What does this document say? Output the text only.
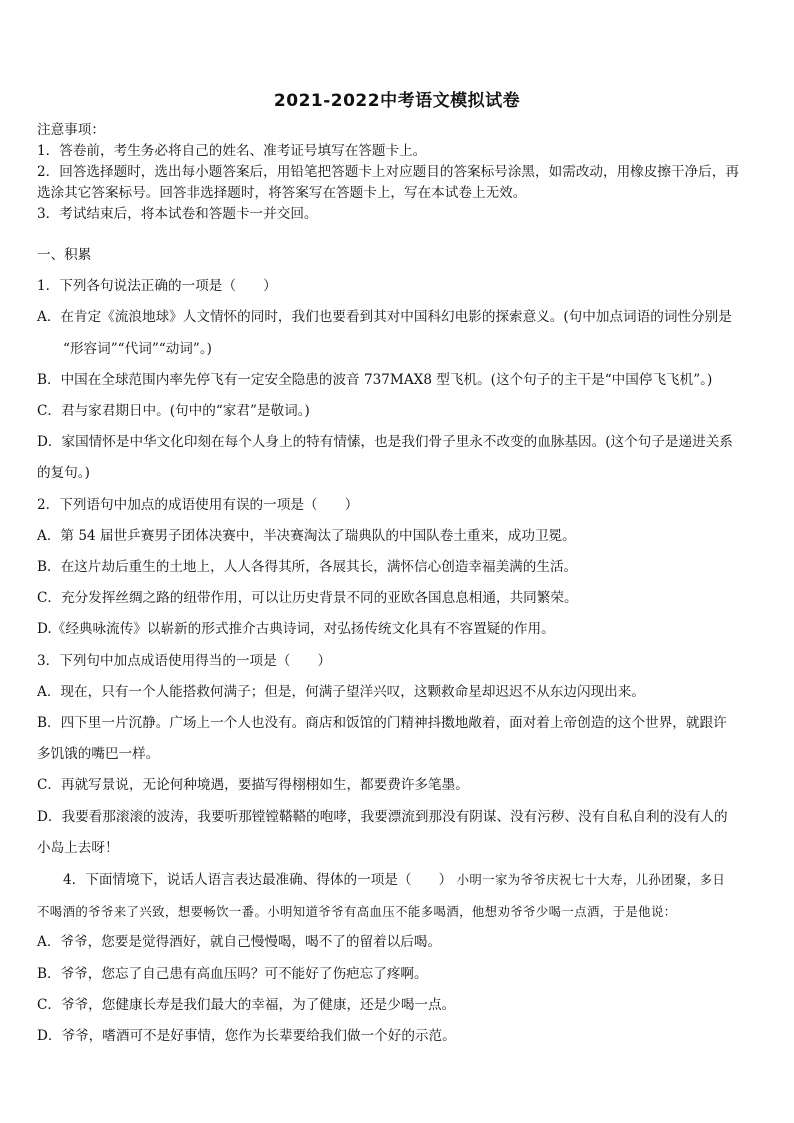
2021-2022中考语文模拟试卷
注意事项：
1．答卷前，考生务必将自己的姓名、准考证号填写在答题卡上。
2．回答选择题时，选出每小题答案后，用铅笔把答题卡上对应题目的答案标号涂黑，如需改动，用橡皮擦干净后，再
选涂其它答案标号。回答非选择题时，将答案写在答题卡上，写在本试卷上无效。
3．考试结束后，将本试卷和答题卡一并交回。
一、积累
1．下列各句说法正确的一项是（　　）
A．在肯定《流浪地球》人文情怀的同时，我们也要看到其对中国科幻电影的探索意义。(句中加点词语的词性分别是
“形容词”“代词”“动词”。)
B．中国在全球范围内率先停飞有一定安全隐患的波音 737MAX8 型飞机。(这个句子的主干是“中国停飞飞机”。)
C．君与家君期日中。(句中的“家君”是敬词。)
D．家国情怀是中华文化印刻在每个人身上的特有情愫，也是我们骨子里永不改变的血脉基因。(这个句子是递进关系
的复句。)
2．下列语句中加点的成语使用有误的一项是（　　）
A．第 54 届世乒赛男子团体决赛中，半决赛淘汰了瑞典队的中国队卷土重来，成功卫冕。
B．在这片劫后重生的土地上，人人各得其所，各展其长，满怀信心创造幸福美满的生活。
C．充分发挥丝绸之路的纽带作用，可以让历史背景不同的亚欧各国息息相通，共同繁荣。
D.《经典咏流传》以崭新的形式推介古典诗词，对弘扬传统文化具有不容置疑的作用。
3．下列句中加点成语使用得当的一项是（　　）
A．现在，只有一个人能搭救何满子；但是，何满子望洋兴叹，这颗救命星却迟迟不从东边闪现出来。
B．四下里一片沉静。广场上一个人也没有。商店和饭馆的门精神抖擞地敞着，面对着上帝创造的这个世界，就跟许
多饥饿的嘴巴一样。
C．再就写景说，无论何种境遇，要描写得栩栩如生，都要费许多笔墨。
D．我要看那滚滚的波涛，我要听那镗镗鞳鞳的咆哮，我要漂流到那没有阴谋、没有污秽、没有自私自利的没有人的
小岛上去呀！
4．下面情境下，说话人语言表达最准确、得体的一项是（　　） 小明一家为爷爷庆祝七十大寿，儿孙团聚，多日
不喝酒的爷爷来了兴致，想要畅饮一番。小明知道爷爷有高血压不能多喝酒，他想劝爷爷少喝一点酒，于是他说：
A．爷爷，您要是觉得酒好，就自己慢慢喝，喝不了的留着以后喝。
B．爷爷，您忘了自己患有高血压吗？可不能好了伤疤忘了疼啊。
C．爷爷，您健康长寿是我们最大的幸福，为了健康，还是少喝一点。
D．爷爷，嗜酒可不是好事情，您作为长辈要给我们做一个好的示范。
